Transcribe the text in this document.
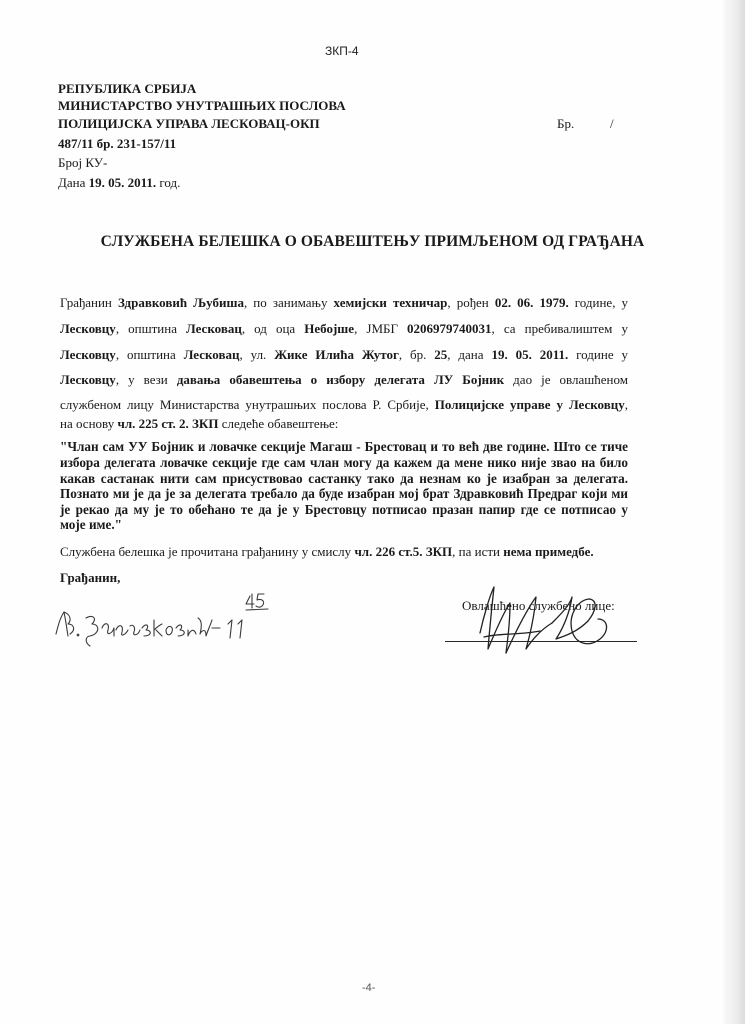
ЗКП-4
РЕПУБЛИКА СРБИЈА
МИНИСТАРСТВО УНУТРАШЊИХ ПОСЛОВА
ПОЛИЦИЈСКА УПРАВА ЛЕСКОВАЦ-ОКП	Бр.	/
487/11 бр. 231-157/11
Број КУ-
Дана 19. 05. 2011. год.
СЛУЖБЕНА БЕЛЕШКА О ОБАВЕШТЕЊУ ПРИМЉЕНОМ ОД ГРАЂАНА
Грађанин Здравковић Љубиша, по занимању хемијски техничар, рођен 02. 06. 1979. године, у
Лесковцу, општина Лесковац, од оца Небојше, ЈМБГ 0206979740031, са пребивалиштем у
Лесковцу, општина Лесковац, ул. Жике Илића Жутог, бр. 25, дана 19. 05. 2011. године у
Лесковцу, у вези давања обавештења о избору делегата ЛУ Бојник дао је овлашћеном
службеном лицу Министарства унутрашњих послова Р. Србије, Полицијске управе у Лесковцу,
на основу чл. 225 ст. 2. ЗКП следеће обавештење:
"Члан сам УУ Бојник и ловачке секције Магаш - Брестовац и то већ две године. Што се тиче
избора делегата ловачке секције где сам члан могу да кажем да мене нико није звао на било
какав састанак нити сам присуствовао састанку тако да незнам ко је изабран за делегата.
Познато ми је да је за делегата требало да буде изабран мој брат Здравковић Предраг који ми
је рекао да му је то обећано те да је у Брестовцу потписао празан папир где се потписао у
моје име."
Службена белешка је прочитана грађанину у смислу чл. 226 ст.5. ЗКП, па исти нема примедбе.
Грађанин,
Овлашћено службено лице:
-4-
